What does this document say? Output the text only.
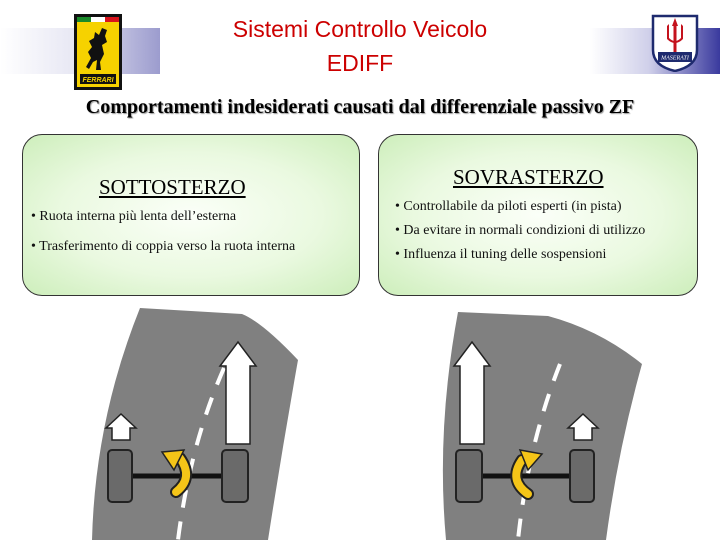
FERRARI
MASERATI
Sistemi Controllo Veicolo
EDIFF
Comportamenti indesiderati causati dal differenziale passivo ZF
SOTTOSTERZO
• Ruota interna più lenta dell’esterna
• Trasferimento di coppia verso la ruota interna
SOVRASTERZO
• Controllabile da piloti esperti (in pista)
• Da evitare in normali condizioni di utilizzo
• Influenza il tuning delle sospensioni
